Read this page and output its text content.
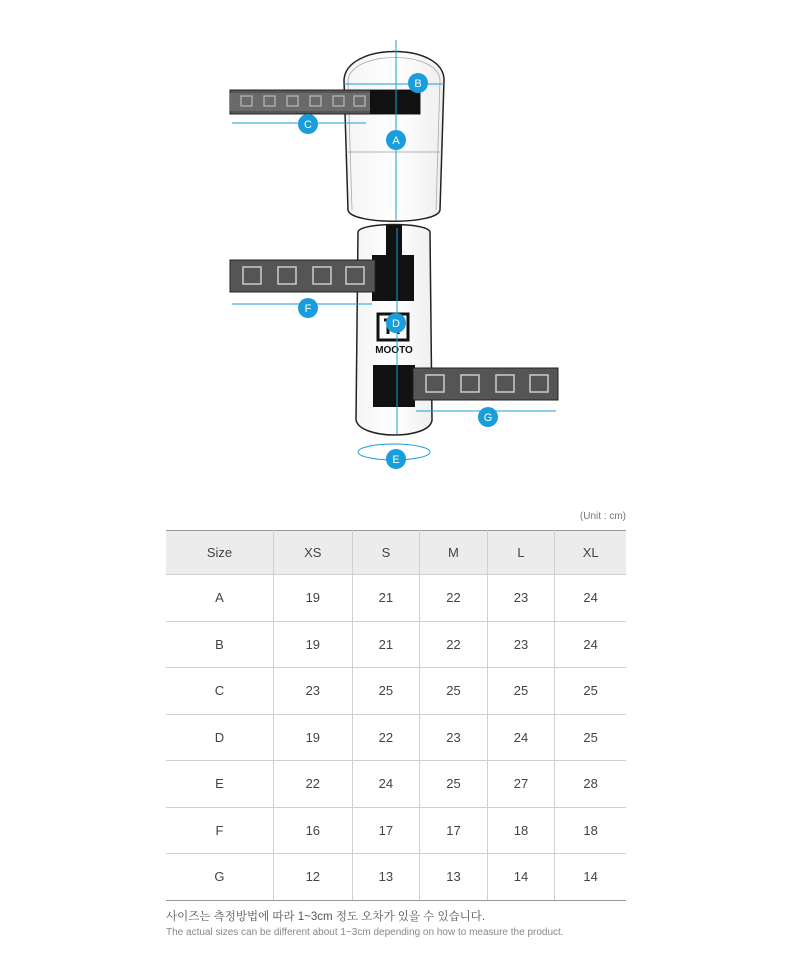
MOOTO
A
B
C
D
E
F
G
(Unit : cm)
Size	XS	S	M	L	XL
A	19	21	22	23	24
B	19	21	22	23	24
C	23	25	25	25	25
D	19	22	23	24	25
E	22	24	25	27	28
F	16	17	17	18	18
G	12	13	13	14	14
사이즈는 측정방법에 따라 1~3cm 정도 오차가 있을 수 있습니다.
The actual sizes can be different about 1~3cm depending on how to measure the product.
